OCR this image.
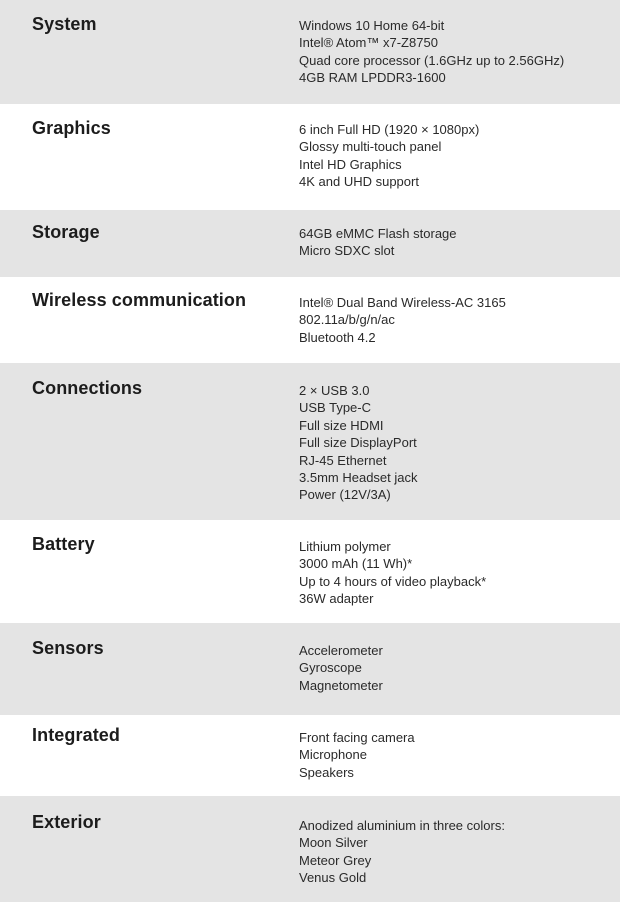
System	Windows 10 Home 64-bit
Intel® Atom™ x7-Z8750
Quad core processor (1.6GHz up to 2.56GHz)
4GB RAM LPDDR3-1600
Graphics	6 inch Full HD (1920 × 1080px)
Glossy multi-touch panel
Intel HD Graphics
4K and UHD support
Storage	64GB eMMC Flash storage
Micro SDXC slot
Wireless communication	Intel® Dual Band Wireless-AC 3165
802.11a/b/g/n/ac
Bluetooth 4.2
Connections	2 × USB 3.0
USB Type-C
Full size HDMI
Full size DisplayPort
RJ-45 Ethernet
3.5mm Headset jack
Power (12V/3A)
Battery	Lithium polymer
3000 mAh (11 Wh)*
Up to 4 hours of video playback*
36W adapter
Sensors	Accelerometer
Gyroscope
Magnetometer
Integrated	Front facing camera
Microphone
Speakers
Exterior	Anodized aluminium in three colors:
Moon Silver
Meteor Grey
Venus Gold
